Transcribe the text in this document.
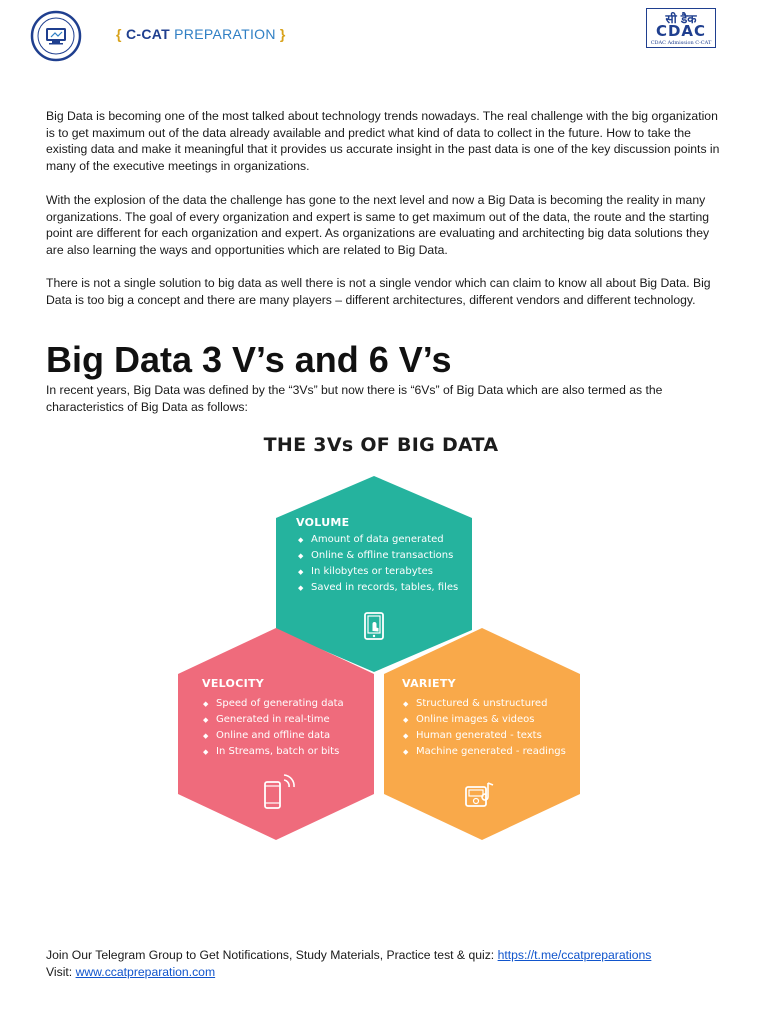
{ C-CAT PREPARATION }
सी डैक
CDAC
CDAC Admission C-CAT

Big Data is becoming one of the most talked about technology trends nowadays. The real challenge with the big organization is to get maximum out of the data already available and predict what kind of data to collect in the future. How to take the existing data and make it meaningful that it provides us accurate insight in the past data is one of the key discussion points in many of the executive meetings in organizations.

With the explosion of the data the challenge has gone to the next level and now a Big Data is becoming the reality in many organizations. The goal of every organization and expert is same to get maximum out of the data, the route and the starting point are different for each organization and expert. As organizations are evaluating and architecting big data solutions they are also learning the ways and opportunities which are related to Big Data.

There is not a single solution to big data as well there is not a single vendor which can claim to know all about Big Data. Big Data is too big a concept and there are many players – different architectures, different vendors and different technology.

Big Data 3 V’s and 6 V’s

In recent years, Big Data was defined by the “3Vs” but now there is “6Vs” of Big Data which are also termed as the characteristics of Big Data as follows:

THE 3Vs OF BIG DATA
VOLUME
◆ Amount of data generated
◆ Online & offline transactions
◆ In kilobytes or terabytes
◆ Saved in records, tables, files
VELOCITY
◆ Speed of generating data
◆ Generated in real-time
◆ Online and offline data
◆ In Streams, batch or bits
VARIETY
◆ Structured & unstructured
◆ Online images & videos
◆ Human generated - texts
◆ Machine generated - readings
Join Our Telegram Group to Get Notifications, Study Materials, Practice test & quiz: https://t.me/ccatpreparations
Visit: www.ccatpreparation.com
